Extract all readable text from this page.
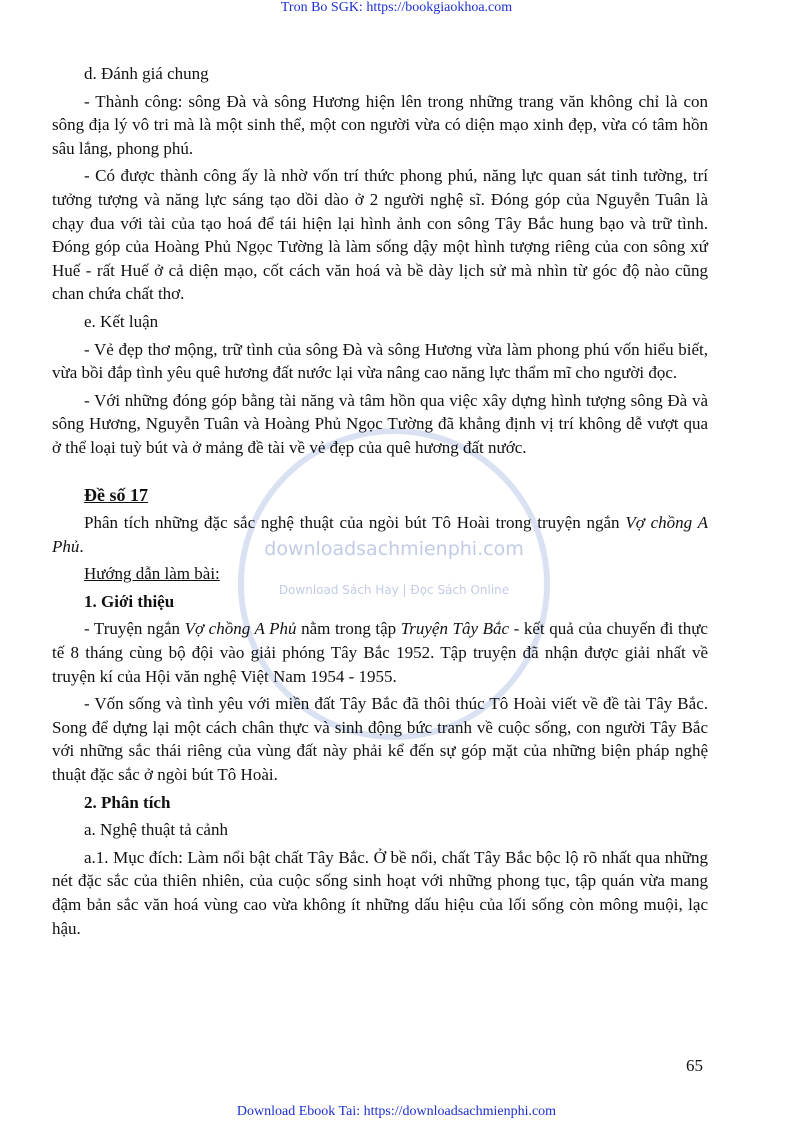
Tron Bo SGK: https://bookgiaokhoa.com
downloadsachmienphi.com
Download Sách Hay | Đọc Sách Online
d. Đánh giá chung
- Thành công: sông Đà và sông Hương hiện lên trong những trang văn không chỉ là con sông địa lý vô tri mà là một sinh thể, một con người vừa có diện mạo xinh đẹp, vừa có tâm hồn sâu lắng, phong phú.
- Có được thành công ấy là nhờ vốn trí thức phong phú, năng lực quan sát tinh tường, trí tưởng tượng và năng lực sáng tạo dồi dào ở 2 người nghệ sĩ. Đóng góp của Nguyễn Tuân là chạy đua với tài của tạo hoá để tái hiện lại hình ảnh con sông Tây Bắc hung bạo và trữ tình. Đóng góp của Hoàng Phủ Ngọc Tường là làm sống dậy một hình tượng riêng của con sông xứ Huế - rất Huế ở cả diện mạo, cốt cách văn hoá và bề dày lịch sử mà nhìn từ góc độ nào cũng chan chứa chất thơ.
e. Kết luận
- Vẻ đẹp thơ mộng, trữ tình của sông Đà và sông Hương vừa làm phong phú vốn hiểu biết, vừa bồi đắp tình yêu quê hương đất nước lại vừa nâng cao năng lực thẩm mĩ cho người đọc.
- Với những đóng góp bằng tài năng và tâm hồn qua việc xây dựng hình tượng sông Đà và sông Hương, Nguyễn Tuân và Hoàng Phủ Ngọc Tường đã khẳng định vị trí không dễ vượt qua ở thể loại tuỳ bút và ở mảng đề tài về vẻ đẹp của quê hương đất nước.
Đề số 17
Phân tích những đặc sắc nghệ thuật của ngòi bút Tô Hoài trong truyện ngắn Vợ chồng A Phủ.
Hướng dẫn làm bài:
1. Giới thiệu
- Truyện ngắn Vợ chồng A Phủ nằm trong tập Truyện Tây Bắc - kết quả của chuyến đi thực tế 8 tháng cùng bộ đội vào giải phóng Tây Bắc 1952. Tập truyện đã nhận được giải nhất về truyện kí của Hội văn nghệ Việt Nam 1954 - 1955.
- Vốn sống và tình yêu với miền đất Tây Bắc đã thôi thúc Tô Hoài viết về đề tài Tây Bắc. Song để dựng lại một cách chân thực và sinh động bức tranh về cuộc sống, con người Tây Bắc với những sắc thái riêng của vùng đất này phải kể đến sự góp mặt của những biện pháp nghệ thuật đặc sắc ở ngòi bút Tô Hoài.
2. Phân tích
a. Nghệ thuật tả cảnh
a.1. Mục đích: Làm nổi bật chất Tây Bắc. Ở bề nổi, chất Tây Bắc bộc lộ rõ nhất qua những nét đặc sắc của thiên nhiên, của cuộc sống sinh hoạt với những phong tục, tập quán vừa mang đậm bản sắc văn hoá vùng cao vừa không ít những dấu hiệu của lối sống còn mông muội, lạc hậu.
65
Download Ebook Tai: https://downloadsachmienphi.com
